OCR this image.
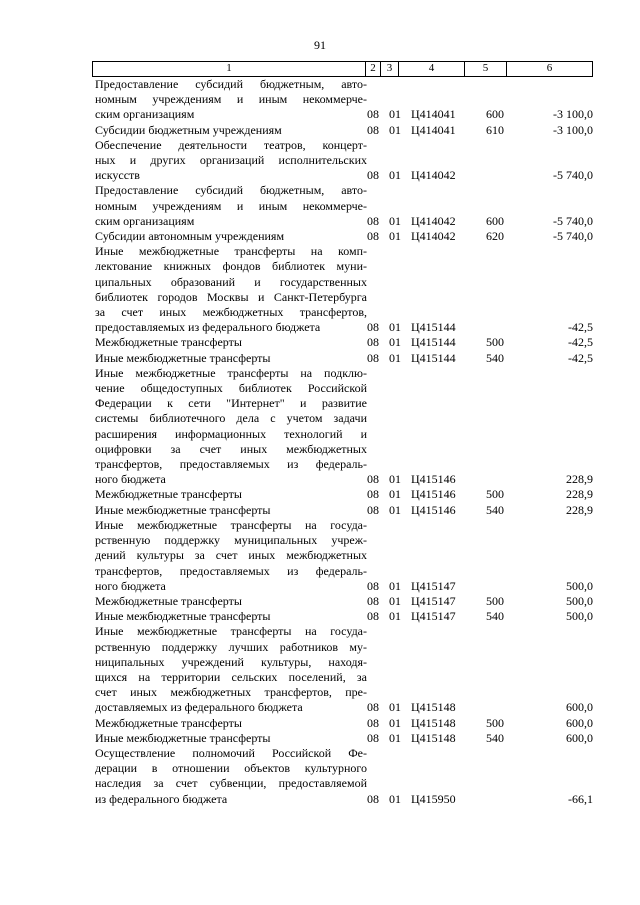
91
1	2	3	4	5	6
Предоставление субсидий бюджетным, авто-
номным учреждениям и иным некоммерче-
ским организациям	08 01 Ц414041	600	-3 100,0
Субсидии бюджетным учреждениям	08 01 Ц414041	610	-3 100,0
Обеспечение деятельности театров, концерт-
ных и других организаций исполнительских
искусств	08 01 Ц414042	-5 740,0
Предоставление субсидий бюджетным, авто-
номным учреждениям и иным некоммерче-
ским организациям	08 01 Ц414042	600	-5 740,0
Субсидии автономным учреждениям	08 01 Ц414042	620	-5 740,0
Иные межбюджетные трансферты на комп-
лектование книжных фондов библиотек муни-
ципальных образований и государственных
библиотек городов Москвы и Санкт-Петербурга
за счет иных межбюджетных трансфертов,
предоставляемых из федерального бюджета	08 01 Ц415144	-42,5
Межбюджетные трансферты	08 01 Ц415144	500	-42,5
Иные межбюджетные трансферты	08 01 Ц415144	540	-42,5
Иные межбюджетные трансферты на подклю-
чение общедоступных библиотек Российской
Федерации к сети "Интернет" и развитие
системы библиотечного дела с учетом задачи
расширения информационных технологий и
оцифровки за счет иных межбюджетных
трансфертов, предоставляемых из федераль-
ного бюджета	08 01 Ц415146	228,9
Межбюджетные трансферты	08 01 Ц415146	500	228,9
Иные межбюджетные трансферты	08 01 Ц415146	540	228,9
Иные межбюджетные трансферты на госуда-
рственную поддержку муниципальных учреж-
дений культуры за счет иных межбюджетных
трансфертов, предоставляемых из федераль-
ного бюджета	08 01 Ц415147	500,0
Межбюджетные трансферты	08 01 Ц415147	500	500,0
Иные межбюджетные трансферты	08 01 Ц415147	540	500,0
Иные межбюджетные трансферты на госуда-
рственную поддержку лучших работников му-
ниципальных учреждений культуры, находя-
щихся на территории сельских поселений, за
счет иных межбюджетных трансфертов, пре-
доставляемых из федерального бюджета	08 01 Ц415148	600,0
Межбюджетные трансферты	08 01 Ц415148	500	600,0
Иные межбюджетные трансферты	08 01 Ц415148	540	600,0
Осуществление полномочий Российской Фе-
дерации в отношении объектов культурного
наследия за счет субвенции, предоставляемой
из федерального бюджета	08 01 Ц415950	-66,1
